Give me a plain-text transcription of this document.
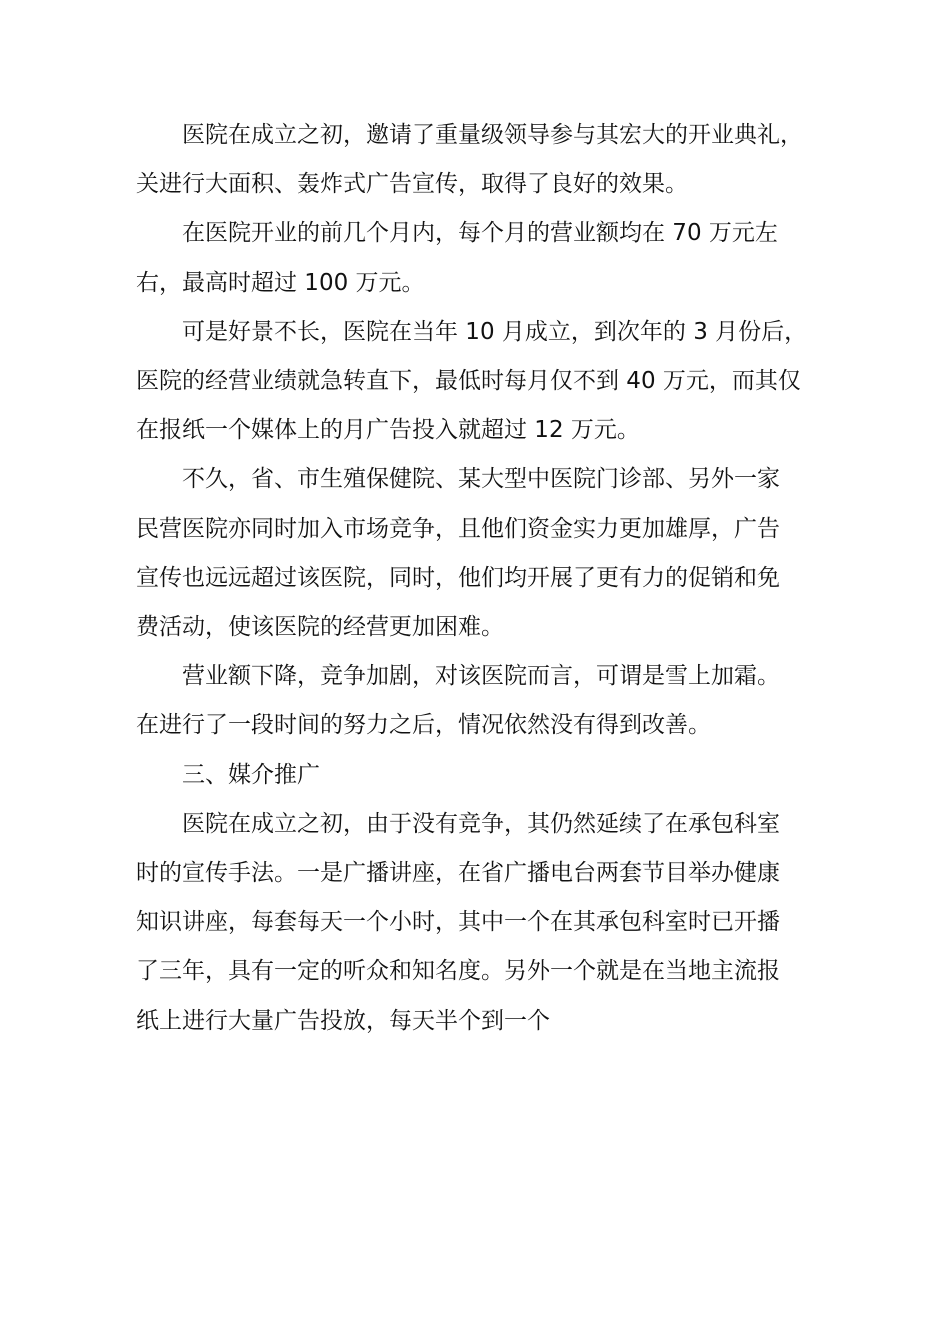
医院在成立之初，邀请了重量级领导参与其宏大的开业典礼，

关进行大面积、轰炸式广告宣传，取得了良好的效果。

在医院开业的前几个月内，每个月的营业额均在 70 万元左

右，最高时超过 100 万元。

可是好景不长，医院在当年 10 月成立，到次年的 3 月份后，

医院的经营业绩就急转直下，最低时每月仅不到 40 万元，而其仅

在报纸一个媒体上的月广告投入就超过 12 万元。

不久，省、市生殖保健院、某大型中医院门诊部、另外一家

民营医院亦同时加入市场竞争，且他们资金实力更加雄厚，广告

宣传也远远超过该医院，同时，他们均开展了更有力的促销和免

费活动，使该医院的经营更加困难。

营业额下降，竞争加剧，对该医院而言，可谓是雪上加霜。

在进行了一段时间的努力之后，情况依然没有得到改善。

三、媒介推广

医院在成立之初，由于没有竞争，其仍然延续了在承包科室

时的宣传手法。一是广播讲座，在省广播电台两套节目举办健康

知识讲座，每套每天一个小时，其中一个在其承包科室时已开播

了三年，具有一定的听众和知名度。另外一个就是在当地主流报

纸上进行大量广告投放，每天半个到一个
